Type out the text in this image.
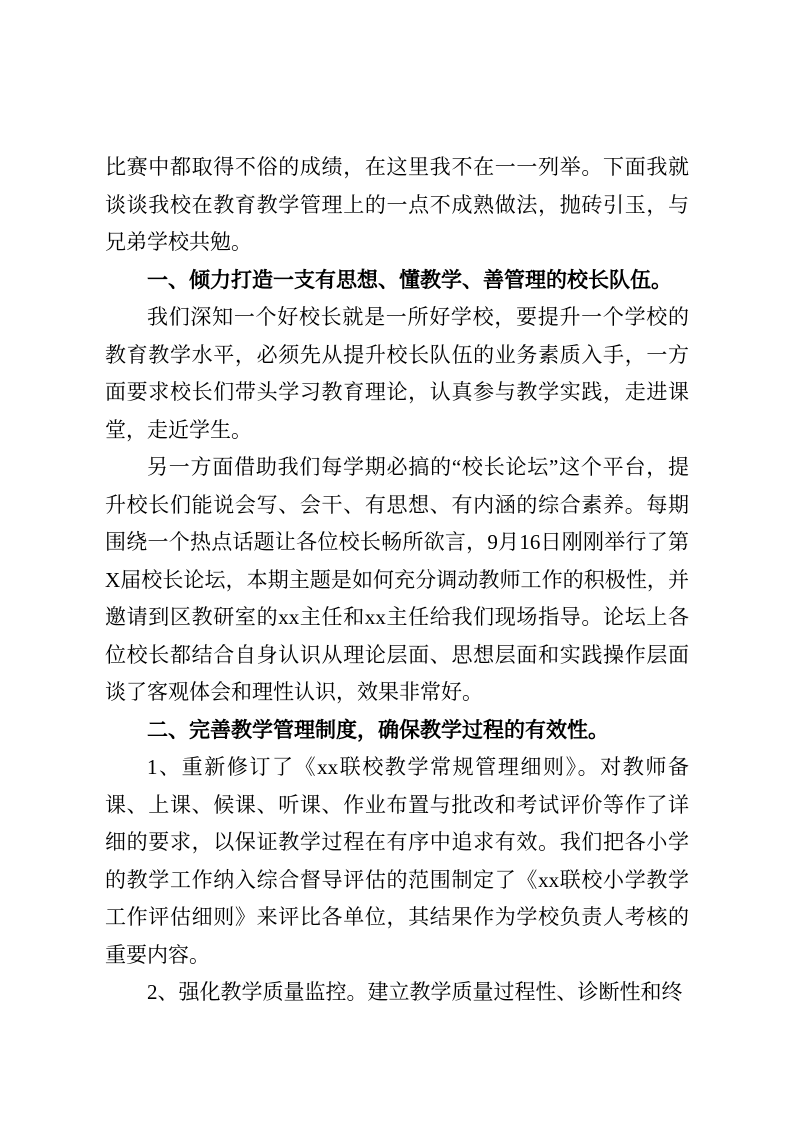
比赛中都取得不俗的成绩，在这里我不在一一列举。下面我就谈谈我校在教育教学管理上的一点不成熟做法，抛砖引玉，与兄弟学校共勉。

一、倾力打造一支有思想、懂教学、善管理的校长队伍。

我们深知一个好校长就是一所好学校，要提升一个学校的教育教学水平，必须先从提升校长队伍的业务素质入手，一方面要求校长们带头学习教育理论，认真参与教学实践，走进课堂，走近学生。

另一方面借助我们每学期必搞的“校长论坛”这个平台，提升校长们能说会写、会干、有思想、有内涵的综合素养。每期围绕一个热点话题让各位校长畅所欲言，9月16日刚刚举行了第X届校长论坛，本期主题是如何充分调动教师工作的积极性，并邀请到区教研室的xx主任和xx主任给我们现场指导。论坛上各位校长都结合自身认识从理论层面、思想层面和实践操作层面谈了客观体会和理性认识，效果非常好。

二、完善教学管理制度，确保教学过程的有效性。

1、重新修订了《xx联校教学常规管理细则》。对教师备课、上课、候课、听课、作业布置与批改和考试评价等作了详细的要求，以保证教学过程在有序中追求有效。我们把各小学的教学工作纳入综合督导评估的范围制定了《xx联校小学教学工作评估细则》来评比各单位，其结果作为学校负责人考核的重要内容。

2、强化教学质量监控。建立教学质量过程性、诊断性和终
